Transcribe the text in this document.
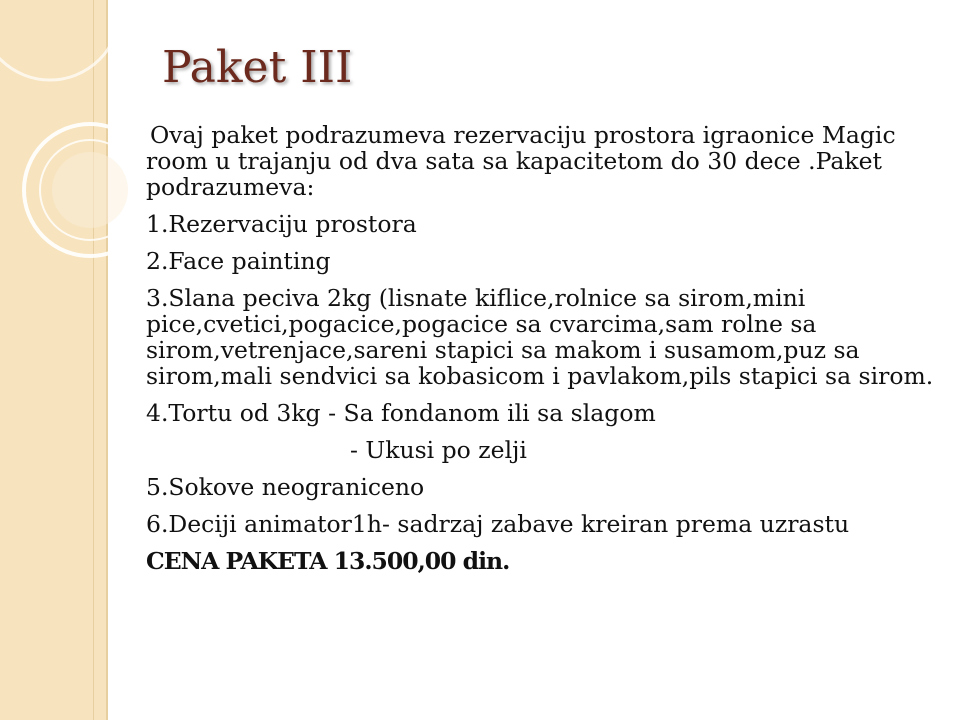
Paket III

Ovaj paket podrazumeva rezervaciju prostora igraonice Magic room u trajanju od dva sata sa kapacitetom do 30 dece .Paket podrazumeva:

1.Rezervaciju prostora

2.Face painting

3.Slana peciva 2kg (lisnate kiflice,rolnice sa sirom,mini pice,cvetici,pogacice,pogacice sa cvarcima,sam rolne sa sirom,vetrenjace,sareni stapici sa makom i susamom,puz sa sirom,mali sendvici sa kobasicom i pavlakom,pils stapici sa sirom.

4.Tortu od 3kg - Sa fondanom ili sa slagom

- Ukusi po zelji

5.Sokove neograniceno

6.Deciji animator1h- sadrzaj zabave kreiran prema uzrastu

CENA PAKETA 13.500,00 din.
